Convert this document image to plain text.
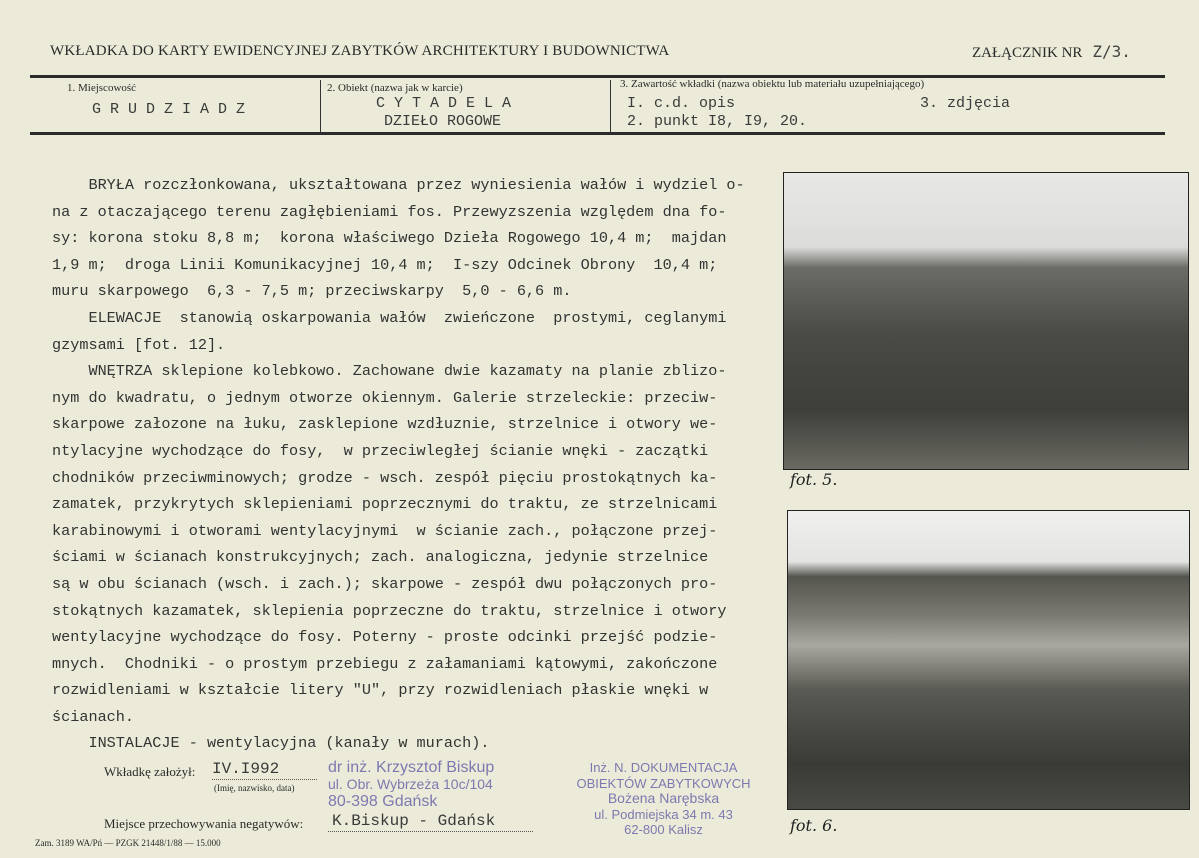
WKŁADKA DO KARTY EWIDENCYJNEJ ZABYTKÓW ARCHITEKTURY I BUDOWNICTWA	ZAŁĄCZNIK NR Z/3.
1. Miejscowość
G R U D Z I A D Z
2. Obiekt (nazwa jak w karcie)
C Y T A D E L A
DZIEŁO ROGOWE
3. Zawartość wkładki (nazwa obiektu lub materiału uzupełniającego)
I. c.d. opis
2. punkt I8, I9, 20.
3. zdjęcia
BRYŁA rozczłonkowana, ukształtowana przez wyniesienia wałów i wydziel o-
na z otaczającego terenu zagłębieniami fos. Przewyzszenia względem dna fo-
sy: korona stoku 8,8 m;  korona właściwego Dzieła Rogowego 10,4 m;  majdan
1,9 m;  droga Linii Komunikacyjnej 10,4 m;  I-szy Odcinek Obrony  10,4 m;
muru skarpowego  6,3 - 7,5 m; przeciwskarpy  5,0 - 6,6 m.
ELEWACJE  stanowią oskarpowania wałów  zwieńczone  prostymi, ceglanymi
gzymsami [fot. 12].
WNĘTRZA sklepione kolebkowo. Zachowane dwie kazamaty na planie zblizo-
nym do kwadratu, o jednym otworze okiennym. Galerie strzeleckie: przeciw-
skarpowe załozone na łuku, zasklepione wzdłuznie, strzelnice i otwory we-
ntylacyjne wychodzące do fosy,  w przeciwległej ścianie wnęki - zaczątki
chodników przeciwminowych; grodze - wsch. zespół pięciu prostokątnych ka-
zamatek, przykrytych sklepieniami poprzecznymi do traktu, ze strzelnicami
karabinowymi i otworami wentylacyjnymi  w ścianie zach., połączone przej-
ściami w ścianach konstrukcyjnych; zach. analogiczna, jedynie strzelnice
są w obu ścianach (wsch. i zach.); skarpowe - zespół dwu połączonych pro-
stokątnych kazamatek, sklepienia poprzeczne do traktu, strzelnice i otwory
wentylacyjne wychodzące do fosy. Poterny - proste odcinki przejść podzie-
mnych.  Chodniki - o prostym przebiegu z załamaniami kątowymi, zakończone
rozwidleniami w kształcie litery "U", przy rozwidleniach płaskie wnęki w
ścianach.
INSTALACJE - wentylacyjna (kanały w murach).
fot. 5.
fot. 6.
Wkładkę założył: IV.I992
(Imię, nazwisko, data)
Miejsce przechowywania negatywów: K.Biskup - Gdańsk
dr inż. Krzysztof Biskup
ul. Obr. Wybrzeża 10c/104
80-398 Gdańsk
Inż. N. DOKUMENTACJA
OBIEKTÓW ZABYTKOWYCH
Bożena Narębska
ul. Podmiejska 34 m. 43
62-800 Kalisz
Zam. 3189 WA/Pń — PZGK 21448/1/88 — 15.000
